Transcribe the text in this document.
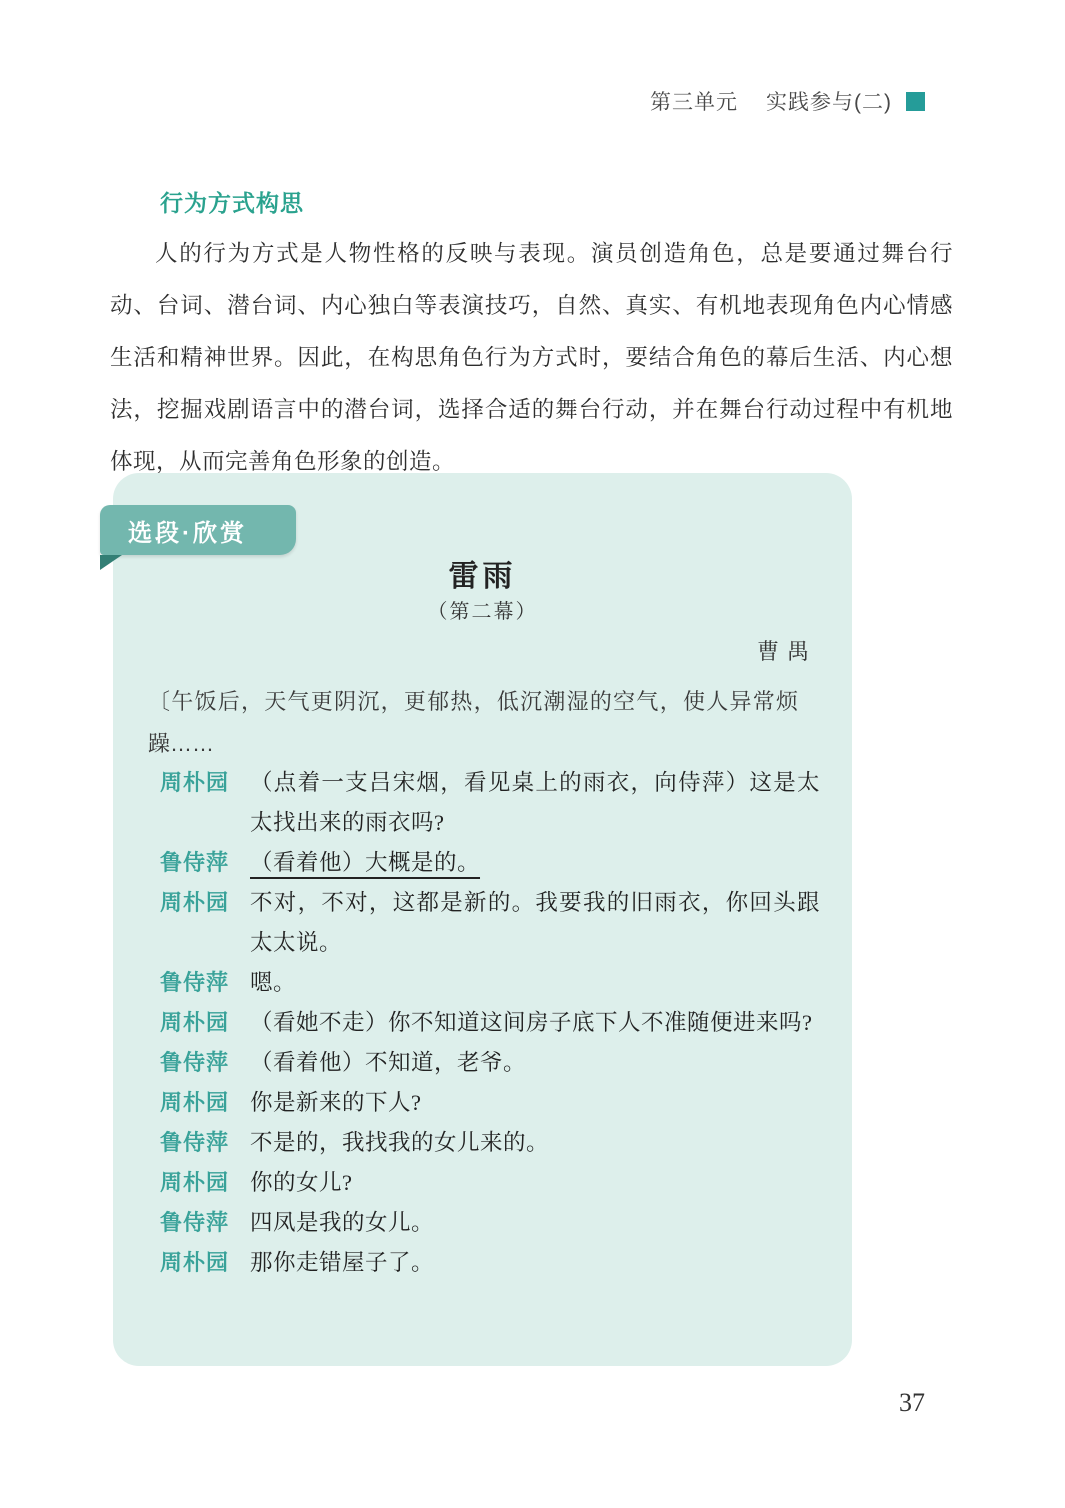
第三单元 实践参与(二)
行为方式构思

人的行为方式是人物性格的反映与表现。演员创造角色，总是要通过舞台行动、台词、潜台词、内心独白等表演技巧，自然、真实、有机地表现角色内心情感生活和精神世界。因此，在构思角色行为方式时，要结合角色的幕后生活、内心想法，挖掘戏剧语言中的潜台词，选择合适的舞台行动，并在舞台行动过程中有机地体现，从而完善角色形象的创造。

选段·欣赏
雷雨
（第二幕）
曹禺

〔午饭后，天气更阴沉，更郁热，低沉潮湿的空气，使人异常烦躁……

周朴园 （点着一支吕宋烟，看见桌上的雨衣，向侍萍）这是太太找出来的雨衣吗?
鲁侍萍 （看着他）大概是的。
周朴园 不对，不对，这都是新的。我要我的旧雨衣，你回头跟太太说。
鲁侍萍 嗯。
周朴园 （看她不走）你不知道这间房子底下人不准随便进来吗?
鲁侍萍 （看着他）不知道，老爷。
周朴园 你是新来的下人?
鲁侍萍 不是的，我找我的女儿来的。
周朴园 你的女儿?
鲁侍萍 四凤是我的女儿。
周朴园 那你走错屋子了。
37
